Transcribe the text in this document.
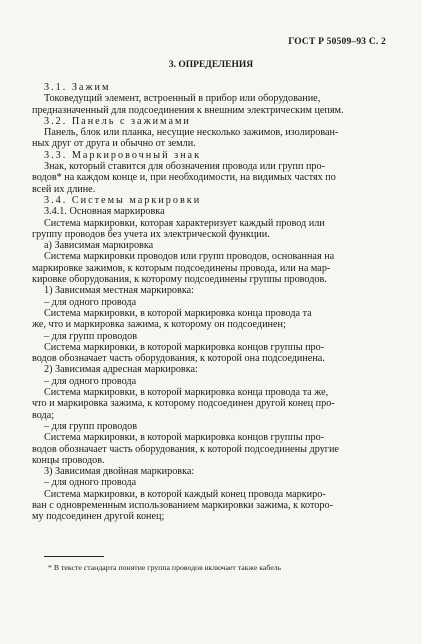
ГОСТ Р 50509–93 С. 2
3. ОПРЕДЕЛЕНИЯ

3.1. Зажим

Токоведущий элемент, встроенный в прибор или оборудование,

предназначенный для подсоединения к внешним электрическим цепям.

3.2. Панель с зажимами

Панель, блок или планка, несущие несколько зажимов, изолирован-

ных друг от друга и обычно от земли.

3.3. Маркировочный знак

Знак, который ставится для обозначения провода или групп про-

водов* на каждом конце и, при необходимости, на видимых частях по

всей их длине.

3.4. Системы маркировки

3.4.1. Основная маркировка

Система маркировки, которая характеризует каждый провод или

группу проводов без учета их электрической функции.

а) Зависимая маркировка

Система маркировки проводов или групп проводов, основанная на

маркировке зажимов, к которым подсоединены провода, или на мар-

кировке оборудования, к которому подсоединены группы проводов.

1) Зависимая местная маркировка:

– для одного провода

Система маркировки, в которой маркировка конца провода та

же, что и маркировка зажима, к которому он подсоединен;

– для групп проводов

Система маркировки, в которой маркировка концов группы про-

водов обозначает часть оборудования, к которой она подсоединена.

2) Зависимая адресная маркировка:

– для одного провода

Система маркировки, в которой маркировка конца провода та же,

что и маркировка зажима, к которому подсоединен другой конец про-

вода;

– для групп проводов

Система маркировки, в которой маркировка концов группы про-

водов обозначает часть оборудования, к которой подсоединены другие

концы проводов.

3) Зависимая двойная маркировка:

– для одного провода

Система маркировки, в которой каждый конец провода маркиро-

ван с одновременным использованием маркировки зажима, к которо-

му подсоединен другой конец;

* В тексте стандарта понятие группа проводов включает также кабель
